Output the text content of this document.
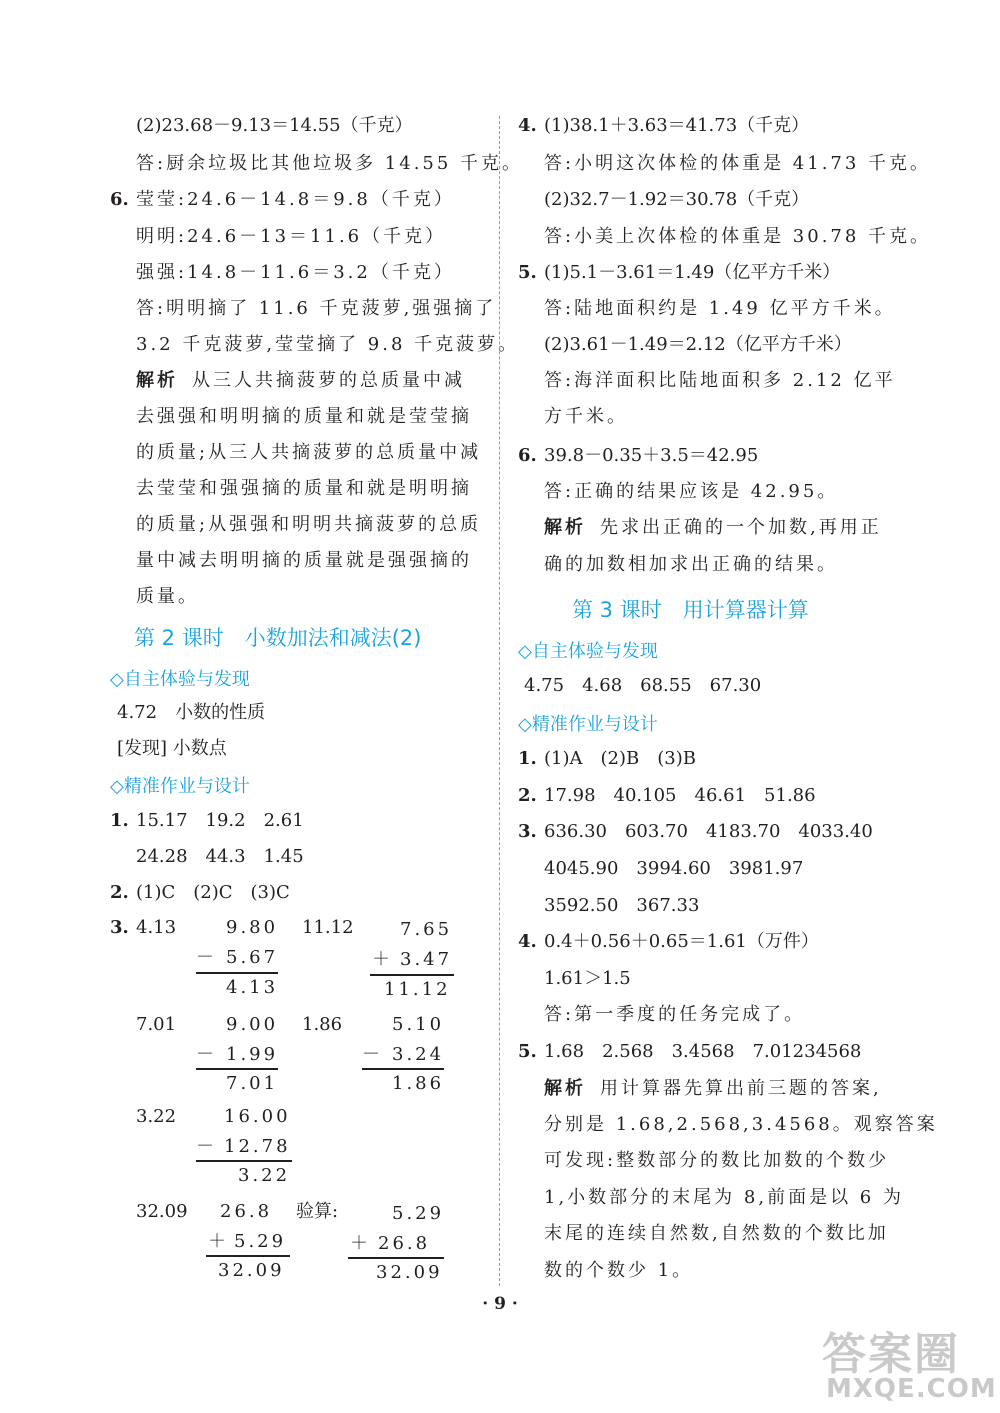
(2)23.68－9.13＝14.55（千克）
答:厨余垃圾比其他垃圾多 14.55 千克。
6. 莹莹:24.6－14.8＝9.8（千克）
明明:24.6－13＝11.6（千克）
强强:14.8－11.6＝3.2（千克）
答:明明摘了 11.6 千克菠萝,强强摘了
3.2 千克菠萝,莹莹摘了 9.8 千克菠萝。
解析 从三人共摘菠萝的总质量中减
去强强和明明摘的质量和就是莹莹摘
的质量;从三人共摘菠萝的总质量中减
去莹莹和强强摘的质量和就是明明摘
的质量;从强强和明明共摘菠萝的总质
量中减去明明摘的质量就是强强摘的
质量。
第 2 课时　小数加法和减法(2)
◇自主体验与发现
4.72　小数的性质
[发现] 小数点
◇精准作业与设计
1. 15.17　19.2　2.61
24.28　44.3　1.45
2. (1)C　(2)C　(3)C
3. 4.13	9.80
－ 5.67
4.13
11.12	7.65
＋ 3.47
11.12
7.01	9.00
－ 1.99
7.01
1.86	5.10
－ 3.24
1.86
3.22	16.00
－ 12.78
3.22
32.09 26.8
＋ 5.29
32.09
验算:	5.29
＋ 26.8
32.09
4. (1)38.1＋3.63＝41.73（千克）
答:小明这次体检的体重是 41.73 千克。
(2)32.7－1.92＝30.78（千克）
答:小美上次体检的体重是 30.78 千克。
5. (1)5.1－3.61＝1.49（亿平方千米）
答:陆地面积约是 1.49 亿平方千米。
(2)3.61－1.49＝2.12（亿平方千米）
答:海洋面积比陆地面积多 2.12 亿平
方千米。
6. 39.8－0.35＋3.5＝42.95
答:正确的结果应该是 42.95。
解析 先求出正确的一个加数,再用正
确的加数相加求出正确的结果。
第 3 课时　用计算器计算
◇自主体验与发现
4.75　4.68　68.55　67.30
◇精准作业与设计
1. (1)A　(2)B　(3)B
2. 17.98　40.105　46.61　51.86
3. 636.30　603.70　4183.70　4033.40
4045.90　3994.60　3981.97
3592.50　367.33
4. 0.4＋0.56＋0.65＝1.61（万件）
1.61＞1.5
答:第一季度的任务完成了。
5. 1.68　2.568　3.4568　7.01234568
解析 用计算器先算出前三题的答案,
分别是 1.68,2.568,3.4568。观察答案
可发现:整数部分的数比加数的个数少
1,小数部分的末尾为 8,前面是以 6 为
末尾的连续自然数,自然数的个数比加
数的个数少 1。
· 9 ·
答案圈
MXQE.COM
